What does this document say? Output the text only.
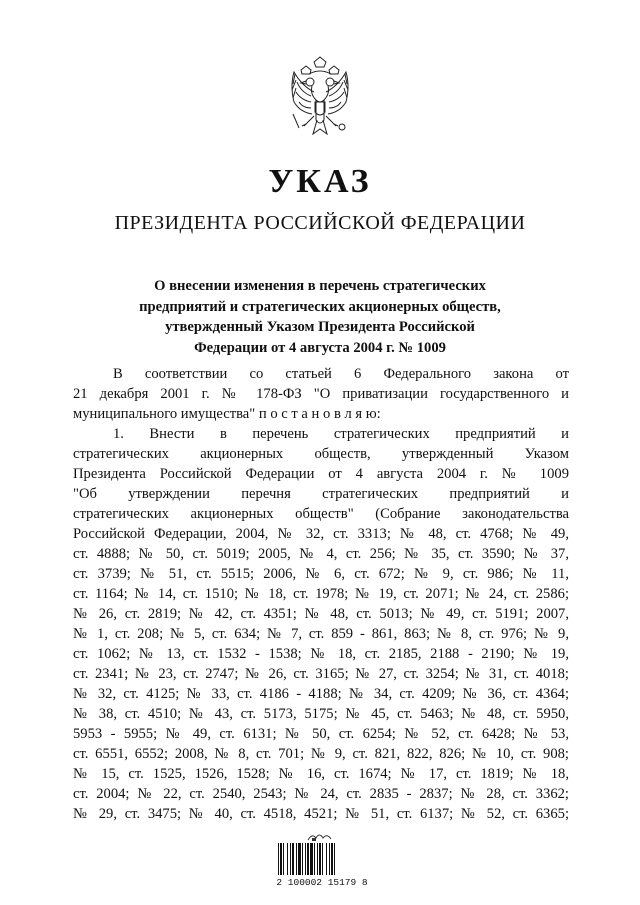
УКАЗ
ПРЕЗИДЕНТА РОССИЙСКОЙ ФЕДЕРАЦИИ
О внесении изменения в перечень стратегических
предприятий и стратегических акционерных обществ,
утвержденный Указом Президента Российской
Федерации от 4 августа 2004 г. № 1009
В соответствии со статьей 6 Федерального закона от
21 декабря 2001 г. № 178-ФЗ "О приватизации государственного и
муниципального имущества" п о с т а н о в л я ю:
1. Внести в перечень стратегических предприятий и
стратегических акционерных обществ, утвержденный Указом
Президента Российской Федерации от 4 августа 2004 г. № 1009
"Об утверждении перечня стратегических предприятий и
стратегических акционерных обществ" (Собрание законодательства
Российской Федерации, 2004, № 32, ст. 3313; № 48, ст. 4768; № 49,
ст. 4888; № 50, ст. 5019; 2005, № 4, ст. 256; № 35, ст. 3590; № 37,
ст. 3739; № 51, ст. 5515; 2006, № 6, ст. 672; № 9, ст. 986; № 11,
ст. 1164; № 14, ст. 1510; № 18, ст. 1978; № 19, ст. 2071; № 24, ст. 2586;
№ 26, ст. 2819; № 42, ст. 4351; № 48, ст. 5013; № 49, ст. 5191; 2007,
№ 1, ст. 208; № 5, ст. 634; № 7, ст. 859 - 861, 863; № 8, ст. 976; № 9,
ст. 1062; № 13, ст. 1532 - 1538; № 18, ст. 2185, 2188 - 2190; № 19,
ст. 2341; № 23, ст. 2747; № 26, ст. 3165; № 27, ст. 3254; № 31, ст. 4018;
№ 32, ст. 4125; № 33, ст. 4186 - 4188; № 34, ст. 4209; № 36, ст. 4364;
№ 38, ст. 4510; № 43, ст. 5173, 5175; № 45, ст. 5463; № 48, ст. 5950,
5953 - 5955; № 49, ст. 6131; № 50, ст. 6254; № 52, ст. 6428; № 53,
ст. 6551, 6552; 2008, № 8, ст. 701; № 9, ст. 821, 822, 826; № 10, ст. 908;
№ 15, ст. 1525, 1526, 1528; № 16, ст. 1674; № 17, ст. 1819; № 18,
ст. 2004; № 22, ст. 2540, 2543; № 24, ст. 2835 - 2837; № 28, ст. 3362;
№ 29, ст. 3475; № 40, ст. 4518, 4521; № 51, ст. 6137; № 52, ст. 6365;
2 100002 15179 8
